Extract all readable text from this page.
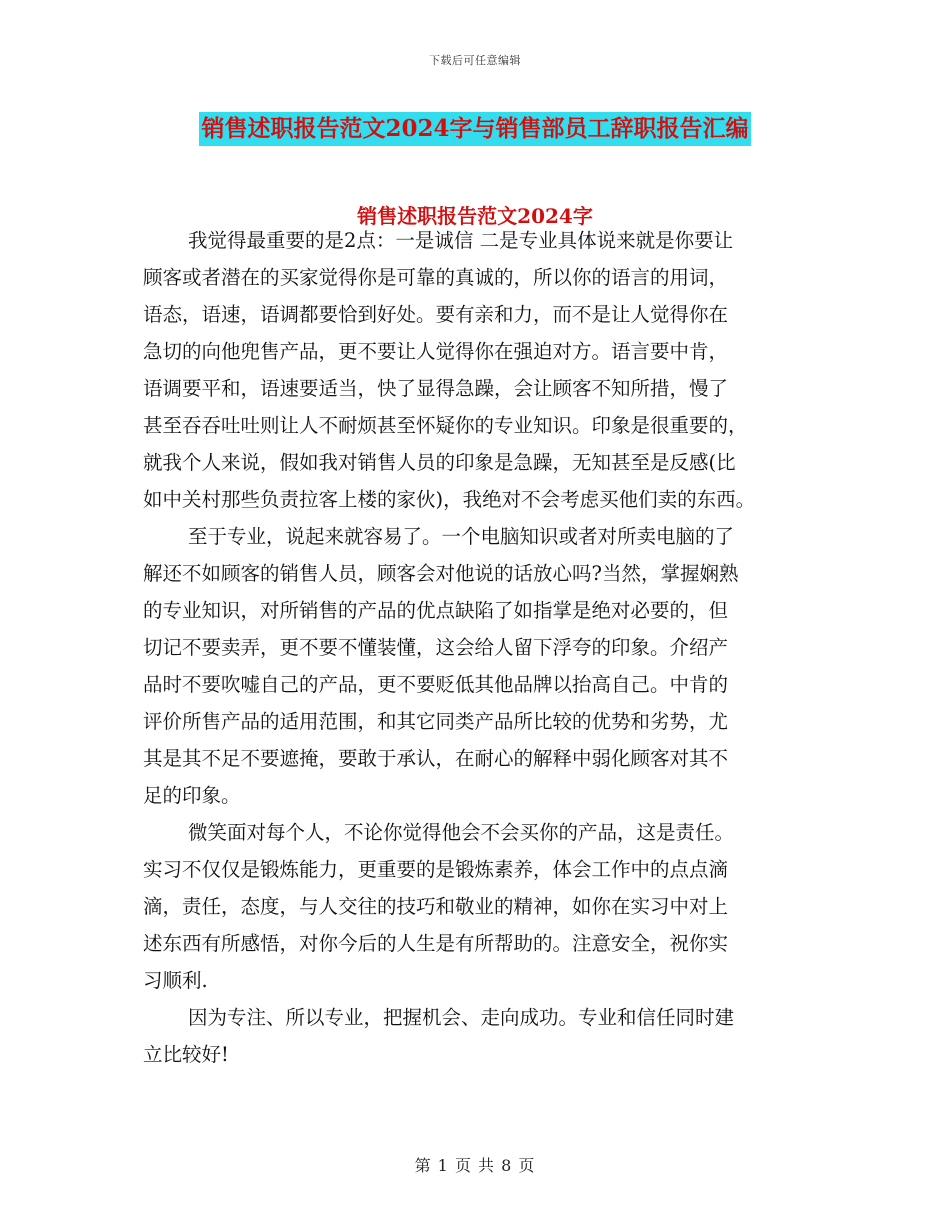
下载后可任意编辑
销售述职报告范文2024字与销售部员工辞职报告汇编
销售述职报告范文2024字
我觉得最重要的是2点：一是诚信 二是专业具体说来就是你要让
顾客或者潜在的买家觉得你是可靠的真诚的，所以你的语言的用词，
语态，语速，语调都要恰到好处。要有亲和力，而不是让人觉得你在
急切的向他兜售产品，更不要让人觉得你在强迫对方。语言要中肯，
语调要平和，语速要适当，快了显得急躁，会让顾客不知所措，慢了
甚至吞吞吐吐则让人不耐烦甚至怀疑你的专业知识。印象是很重要的，
就我个人来说，假如我对销售人员的印象是急躁，无知甚至是反感(比
如中关村那些负责拉客上楼的家伙)，我绝对不会考虑买他们卖的东西。
至于专业，说起来就容易了。一个电脑知识或者对所卖电脑的了
解还不如顾客的销售人员，顾客会对他说的话放心吗?当然，掌握娴熟
的专业知识，对所销售的产品的优点缺陷了如指掌是绝对必要的，但
切记不要卖弄，更不要不懂装懂，这会给人留下浮夸的印象。介绍产
品时不要吹嘘自己的产品，更不要贬低其他品牌以抬高自己。中肯的
评价所售产品的适用范围，和其它同类产品所比较的优势和劣势，尤
其是其不足不要遮掩，要敢于承认，在耐心的解释中弱化顾客对其不
足的印象。
微笑面对每个人，不论你觉得他会不会买你的产品，这是责任。
实习不仅仅是锻炼能力，更重要的是锻炼素养，体会工作中的点点滴
滴，责任，态度，与人交往的技巧和敬业的精神，如你在实习中对上
述东西有所感悟，对你今后的人生是有所帮助的。注意安全，祝你实
习顺利.
因为专注、所以专业，把握机会、走向成功。专业和信任同时建
立比较好!
第 1 页 共 8 页
